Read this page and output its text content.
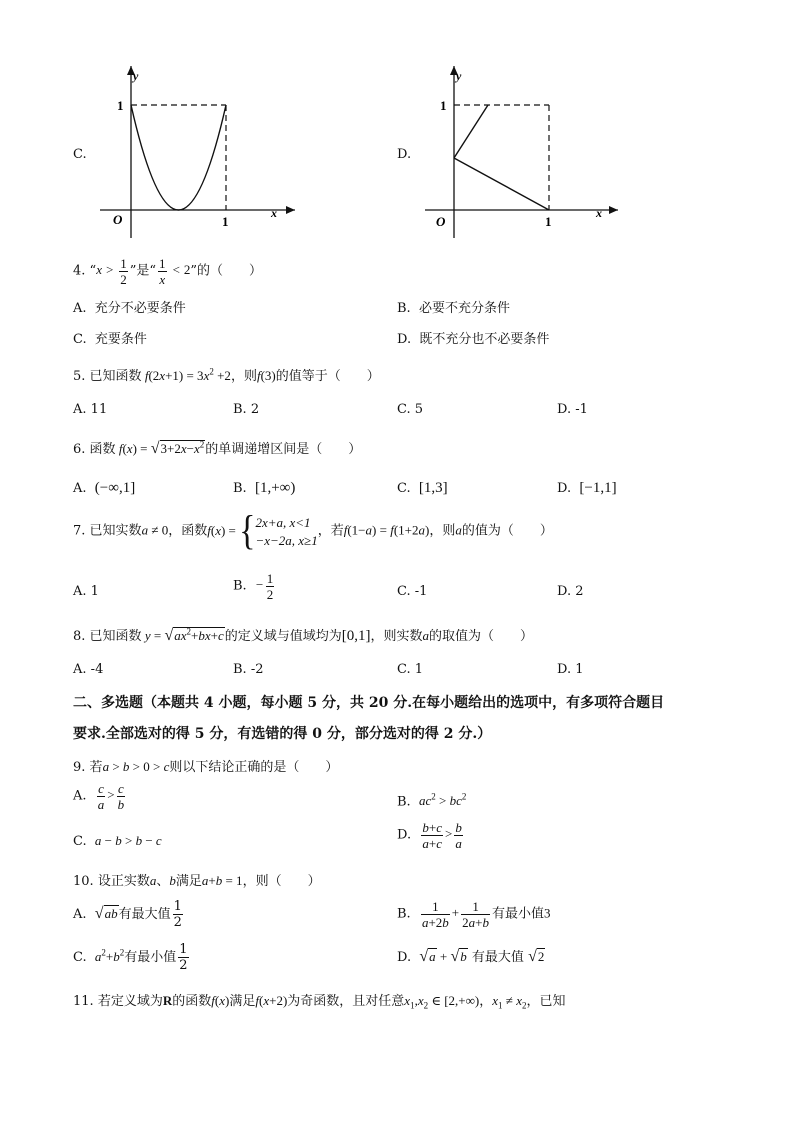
C.
y
x
O
1
1
D.
y
x
O
1
1
4. “$x > \frac{1}{2}$ ”是“ $\frac{1}{x} < 2$”的（　　）
A. 充分不必要条件	B. 必要不充分条件
C. 充要条件	D. 既不充分也不必要条件
5. 已知函数 $f(2x+1) = 3x^2 +2$，则f(3)的值等于（　　）
A. 11	B. 2	C. 5	D. -1
6. 函数 $f(x) = √3+2x-x^2$的单调递增区间是（　　）
A. (−∞,1]	B. [1,+∞)	C. [1,3]	D. [−1,1]
7. 已知实数a ≠ 0，函数f(x) = {2x+a, x<1
−x−2a, x≥1，若f(1−a) = f(1+2a)，则a的值为（　　）
A. 1	B. − $\frac{1}{2}$	C. -1	D. 2
8. 已知函数 $y = √ax^2+bx+c$的定义域与值域均为[0,1]，则实数a的取值为（　　）
A. -4	B. -2	C. 1	D. 1
二、多选题（本题共 4 小题，每小题 5 分，共 20 分.在每小题给出的选项中，有多项符合题目
要求.全部选对的得 5 分，有选错的得 0 分，部分选对的得 2 分.）
9. 若a > b > 0 > c则以下结论正确的是（　　）
A. $\frac{c}{a} > \frac{c}{b}$	B. $ac^2 > bc^2$
C. a − b > b − c	D. $\frac{b+c}{a+c} > \frac{b}{a}$
10. 设正实数a、b满足a+b = 1，则（　　）
A. √ab有最大值 $\frac{1}{2}$	B. $\frac{1}{a+2b} + \frac{1}{2a+b}$ 有最小值3
C. $a^2+b^2$有最小值 $\frac{1}{2}$	D. √a + √b 有最大值 √2
11. 若定义域为R的函数f(x)满足f(x+2)为奇函数，且对任意$x_1,x_2$ ∈ [2,+∞)，$x_1 \ne x_2$，已知
